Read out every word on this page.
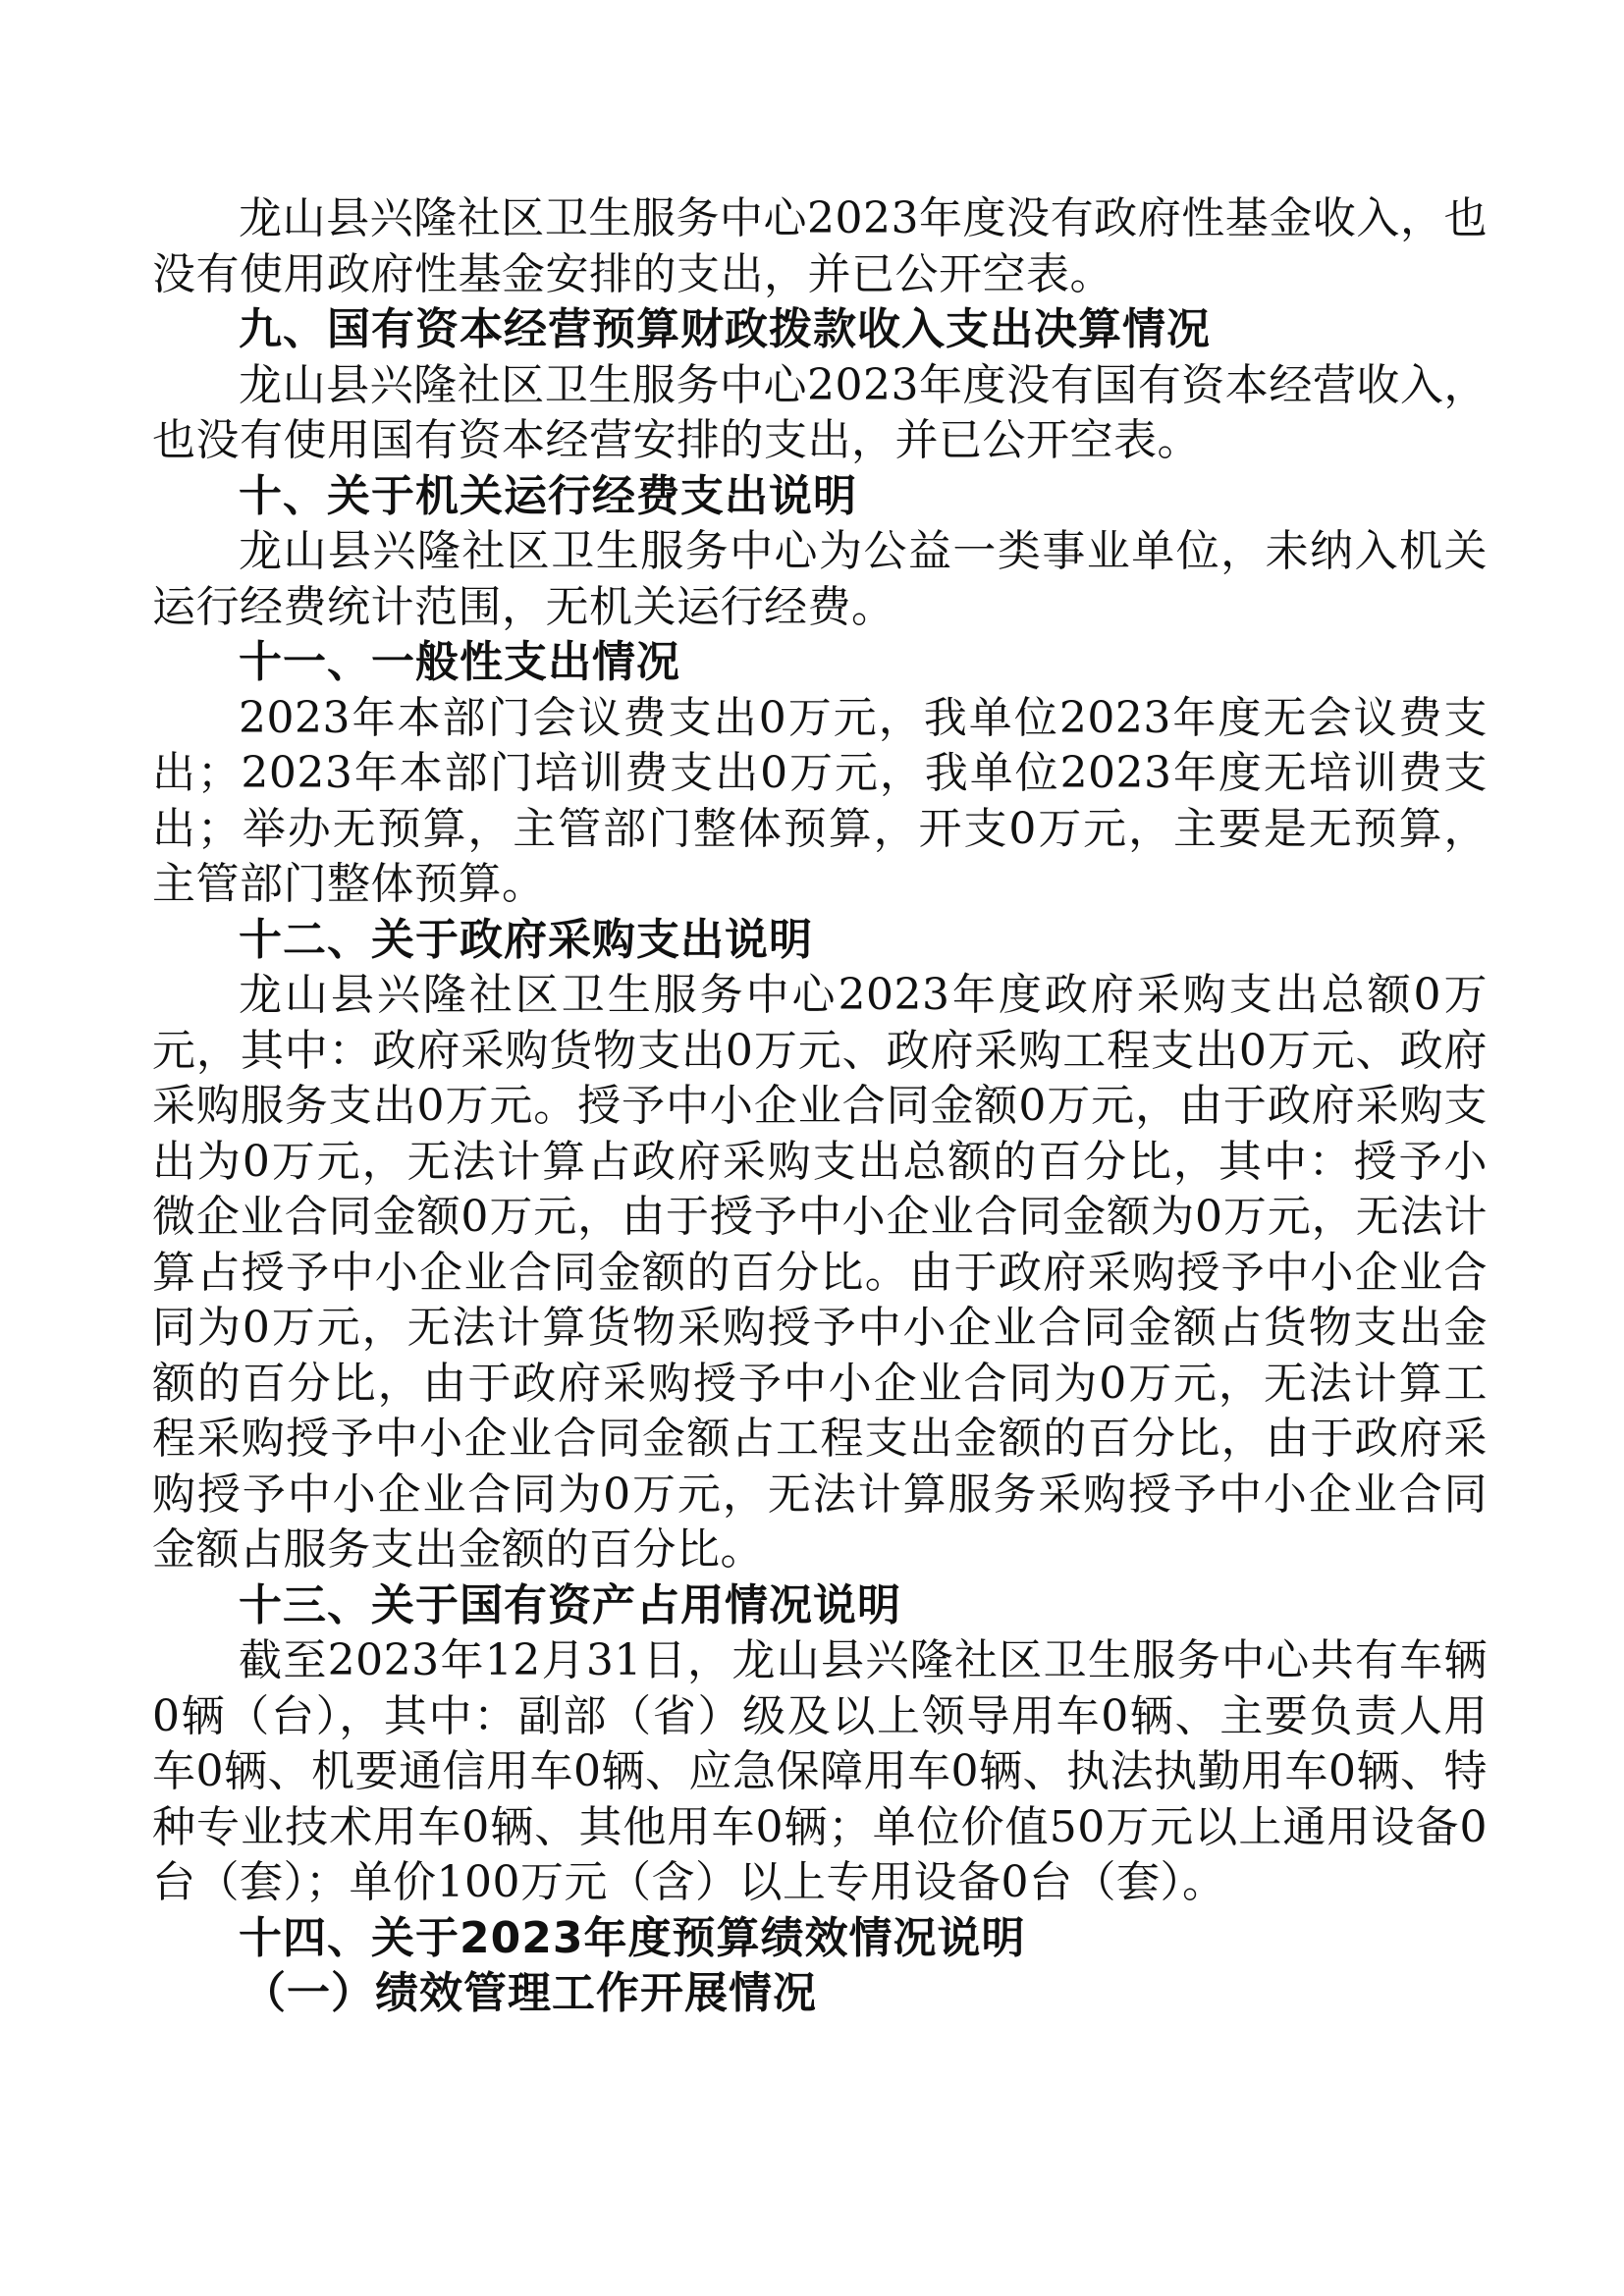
龙山县兴隆社区卫生服务中心2023年度没有政府性基金收入，也没有使用政府性基金安排的支出，并已公开空表。

九、国有资本经营预算财政拨款收入支出决算情况

龙山县兴隆社区卫生服务中心2023年度没有国有资本经营收入，也没有使用国有资本经营安排的支出，并已公开空表。

十、关于机关运行经费支出说明

龙山县兴隆社区卫生服务中心为公益一类事业单位，未纳入机关运行经费统计范围，无机关运行经费。

十一、一般性支出情况

2023年本部门会议费支出0万元，我单位2023年度无会议费支出；2023年本部门培训费支出0万元，我单位2023年度无培训费支出；举办无预算，主管部门整体预算，开支0万元，主要是无预算，主管部门整体预算。

十二、关于政府采购支出说明

龙山县兴隆社区卫生服务中心2023年度政府采购支出总额0万元，其中：政府采购货物支出0万元、政府采购工程支出0万元、政府采购服务支出0万元。授予中小企业合同金额0万元，由于政府采购支出为0万元，无法计算占政府采购支出总额的百分比，其中：授予小微企业合同金额0万元，由于授予中小企业合同金额为0万元，无法计算占授予中小企业合同金额的百分比。由于政府采购授予中小企业合同为0万元，无法计算货物采购授予中小企业合同金额占货物支出金额的百分比，由于政府采购授予中小企业合同为0万元，无法计算工程采购授予中小企业合同金额占工程支出金额的百分比，由于政府采购授予中小企业合同为0万元，无法计算服务采购授予中小企业合同金额占服务支出金额的百分比。

十三、关于国有资产占用情况说明

截至2023年12月31日，龙山县兴隆社区卫生服务中心共有车辆0辆（台），其中：副部（省）级及以上领导用车0辆、主要负责人用车0辆、机要通信用车0辆、应急保障用车0辆、执法执勤用车0辆、特种专业技术用车0辆、其他用车0辆；单位价值50万元以上通用设备0台（套）；单价100万元（含）以上专用设备0台（套）。

十四、关于2023年度预算绩效情况说明

（一）绩效管理工作开展情况
